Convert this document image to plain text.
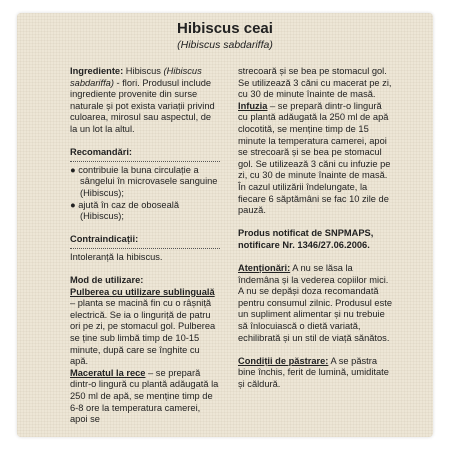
Hibiscus ceai
(Hibiscus sabdariffa)

Ingrediente: Hibiscus (Hibiscus sabdariffa) - flori. Produsul include ingrediente provenite din surse naturale și pot exista variații privind culoarea, mirosul sau aspectul, de la un lot la altul.

Recomandări:

● contribuie la buna circulație a sângelui în microvasele sanguine (Hibiscus);
● ajută în caz de oboseală (Hibiscus);

Contraindicații:

Intoleranță la hibiscus.

Mod de utilizare:

Pulberea cu utilizare sublinguală – planta se macină fin cu o râșniță electrică. Se ia o linguriță de patru ori pe zi, pe stomacul gol. Pulberea se ține sub limbă timp de 10-15 minute, după care se înghite cu apă.

Maceratul la rece – se prepară dintr-o lingură cu plantă adăugată la 250 ml de apă, se menține timp de 6-8 ore la temperatura camerei, apoi se

strecoară și se bea pe stomacul gol. Se utilizează 3 căni cu macerat pe zi, cu 30 de minute înainte de masă.

Infuzia – se prepară dintr-o lingură cu plantă adăugată la 250 ml de apă clocotită, se menține timp de 15 minute la temperatura camerei, apoi se strecoară și se bea pe stomacul gol. Se utilizează 3 căni cu infuzie pe zi, cu 30 de minute înainte de masă. În cazul utilizării îndelungate, la fiecare 6 săptămâni se fac 10 zile de pauză.

Produs notificat de SNPMAPS, notificare Nr. 1346/27.06.2006.

Atenționări: A nu se lăsa la îndemâna și la vederea copiilor mici. A nu se depăși doza recomandată pentru consumul zilnic. Produsul este un supliment alimentar și nu trebuie să înlocuiască o dietă variată, echilibrată și un stil de viață sănătos.

Condiții de păstrare: A se păstra bine închis, ferit de lumină, umiditate și căldură.
